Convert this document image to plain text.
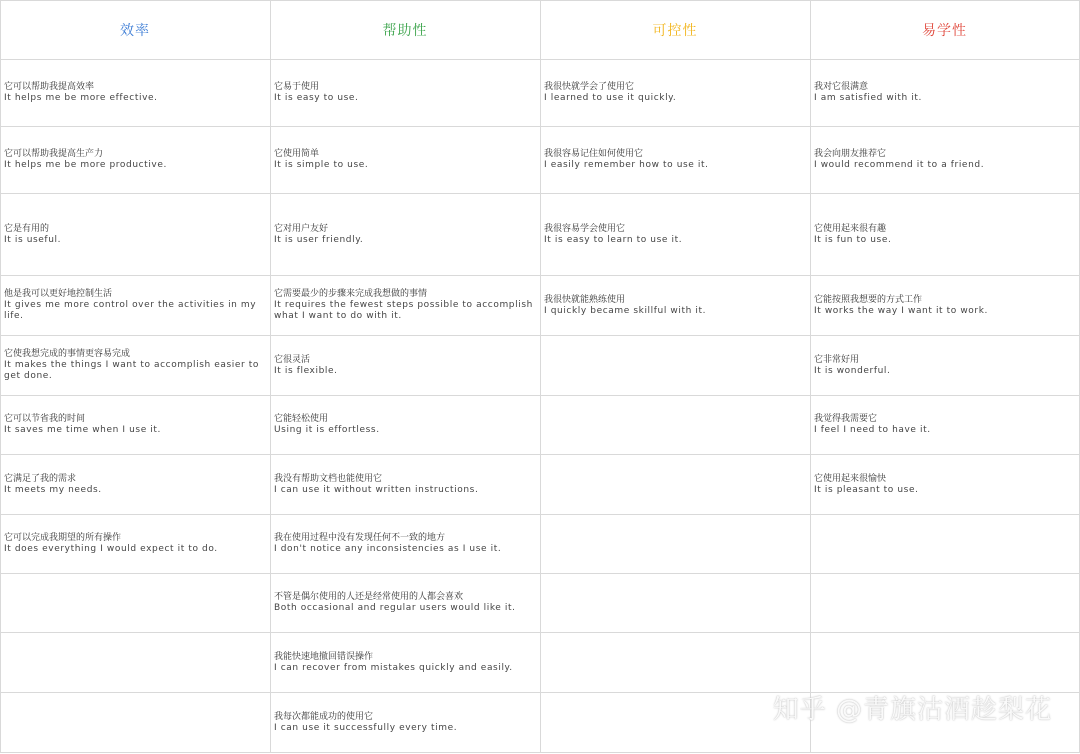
效率	帮助性	可控性	易学性

它可以帮助我提高效率
It helps me be more effective.	它易于使用
It is easy to use.	我很快就学会了使用它
I learned to use it quickly.	我对它很满意
I am satisfied with it.

它可以帮助我提高生产力
It helps me be more productive.	它使用简单
It is simple to use.	我很容易记住如何使用它
I easily remember how to use it.	我会向朋友推荐它
I would recommend it to a friend.

它是有用的
It is useful.	它对用户友好
It is user friendly.	我很容易学会使用它
It is easy to learn to use it.	它使用起来很有趣
It is fun to use.

他是我可以更好地控制生活
It gives me more control over the activities in my life.	它需要最少的步骤来完成我想做的事情
It requires the fewest steps possible to accomplish what I want to do with it.	我很快就能熟练使用
I quickly became skillful with it.	它能按照我想要的方式工作
It works the way I want it to work.

它使我想完成的事情更容易完成
It makes the things I want to accomplish easier to get done.	它很灵活
It is flexible.		它非常好用
It is wonderful.

它可以节省我的时间
It saves me time when I use it.	它能轻松使用
Using it is effortless.		我觉得我需要它
I feel I need to have it.

它满足了我的需求
It meets my needs.	我没有帮助文档也能使用它
I can use it without written instructions.		它使用起来很愉快
It is pleasant to use.

它可以完成我期望的所有操作
It does everything I would expect it to do.	我在使用过程中没有发现任何不一致的地方
I don't notice any inconsistencies as I use it.		

	不管是偶尔使用的人还是经常使用的人都会喜欢
Both occasional and regular users would like it.		

	我能快速地撤回错误操作
I can recover from mistakes quickly and easily.		

	我每次都能成功的使用它
I can use it successfully every time.		

知乎 @青旗沽酒趁梨花
